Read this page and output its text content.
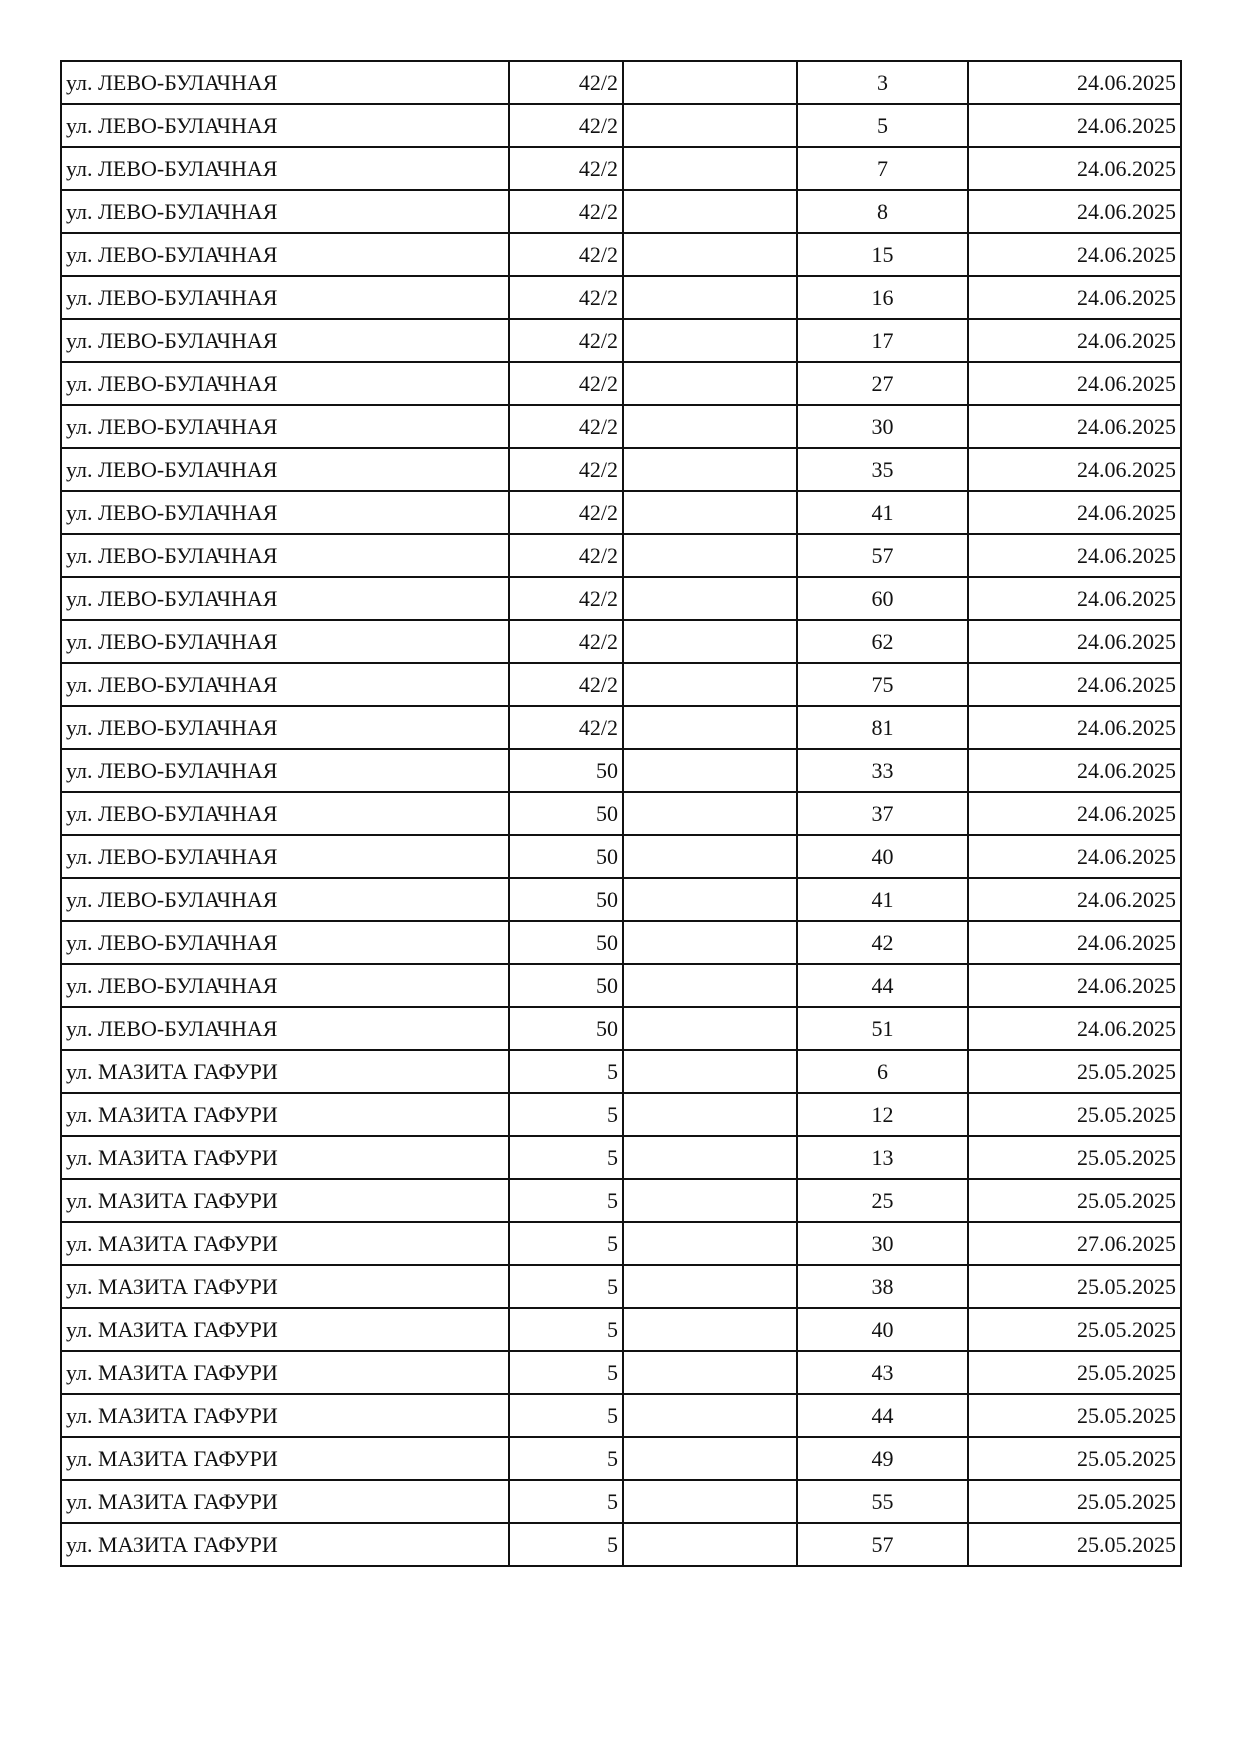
ул. ЛЕВО-БУЛАЧНАЯ	42/2		3	24.06.2025
ул. ЛЕВО-БУЛАЧНАЯ	42/2		5	24.06.2025
ул. ЛЕВО-БУЛАЧНАЯ	42/2		7	24.06.2025
ул. ЛЕВО-БУЛАЧНАЯ	42/2		8	24.06.2025
ул. ЛЕВО-БУЛАЧНАЯ	42/2		15	24.06.2025
ул. ЛЕВО-БУЛАЧНАЯ	42/2		16	24.06.2025
ул. ЛЕВО-БУЛАЧНАЯ	42/2		17	24.06.2025
ул. ЛЕВО-БУЛАЧНАЯ	42/2		27	24.06.2025
ул. ЛЕВО-БУЛАЧНАЯ	42/2		30	24.06.2025
ул. ЛЕВО-БУЛАЧНАЯ	42/2		35	24.06.2025
ул. ЛЕВО-БУЛАЧНАЯ	42/2		41	24.06.2025
ул. ЛЕВО-БУЛАЧНАЯ	42/2		57	24.06.2025
ул. ЛЕВО-БУЛАЧНАЯ	42/2		60	24.06.2025
ул. ЛЕВО-БУЛАЧНАЯ	42/2		62	24.06.2025
ул. ЛЕВО-БУЛАЧНАЯ	42/2		75	24.06.2025
ул. ЛЕВО-БУЛАЧНАЯ	42/2		81	24.06.2025
ул. ЛЕВО-БУЛАЧНАЯ	50		33	24.06.2025
ул. ЛЕВО-БУЛАЧНАЯ	50		37	24.06.2025
ул. ЛЕВО-БУЛАЧНАЯ	50		40	24.06.2025
ул. ЛЕВО-БУЛАЧНАЯ	50		41	24.06.2025
ул. ЛЕВО-БУЛАЧНАЯ	50		42	24.06.2025
ул. ЛЕВО-БУЛАЧНАЯ	50		44	24.06.2025
ул. ЛЕВО-БУЛАЧНАЯ	50		51	24.06.2025
ул. МАЗИТА ГАФУРИ	5		6	25.05.2025
ул. МАЗИТА ГАФУРИ	5		12	25.05.2025
ул. МАЗИТА ГАФУРИ	5		13	25.05.2025
ул. МАЗИТА ГАФУРИ	5		25	25.05.2025
ул. МАЗИТА ГАФУРИ	5		30	27.06.2025
ул. МАЗИТА ГАФУРИ	5		38	25.05.2025
ул. МАЗИТА ГАФУРИ	5		40	25.05.2025
ул. МАЗИТА ГАФУРИ	5		43	25.05.2025
ул. МАЗИТА ГАФУРИ	5		44	25.05.2025
ул. МАЗИТА ГАФУРИ	5		49	25.05.2025
ул. МАЗИТА ГАФУРИ	5		55	25.05.2025
ул. МАЗИТА ГАФУРИ	5		57	25.05.2025
